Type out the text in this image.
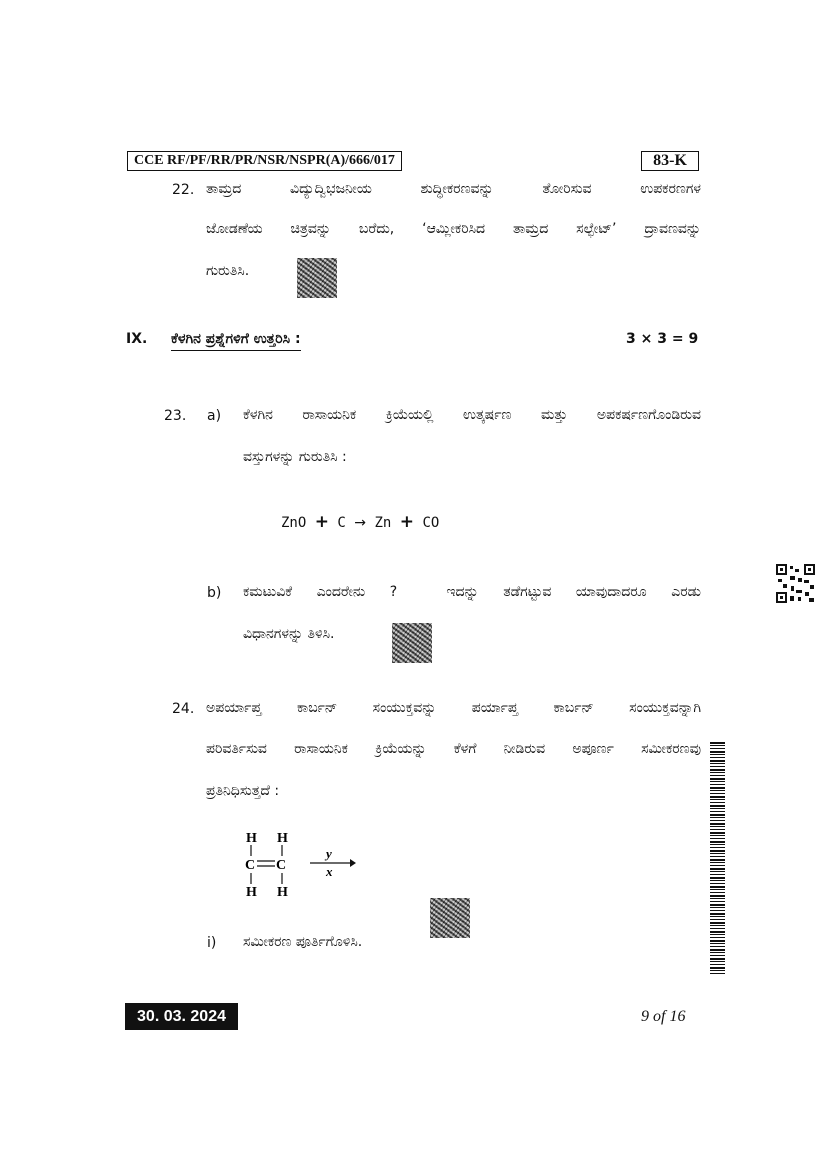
CCE RF/PF/RR/PR/NSR/NSPR(A)/666/017	83-K
22. ತಾಮ್ರದ ವಿದ್ಯುದ್ವಿಭಜನೀಯ ಶುದ್ಧೀಕರಣವನ್ನು ತೋರಿಸುವ ಉಪಕರಣಗಳ
ಜೋಡಣೆಯ ಚಿತ್ರವನ್ನು ಬರೆದು, ‘ಆಮ್ಲೀಕರಿಸಿದ ತಾಮ್ರದ ಸಲ್ಫೇಟ್’ ದ್ರಾವಣವನ್ನು
ಗುರುತಿಸಿ.
IX. ಕೆಳಗಿನ ಪ್ರಶ್ನೆಗಳಿಗೆ ಉತ್ತರಿಸಿ :	3 × 3 = 9
23. a) ಕೆಳಗಿನ ರಾಸಾಯನಿಕ ಕ್ರಿಯೆಯಲ್ಲಿ ಉತ್ಕರ್ಷಣ ಮತ್ತು ಅಪಕರ್ಷಣಗೊಂಡಿರುವ
ವಸ್ತುಗಳನ್ನು ಗುರುತಿಸಿ :
ZnO + C → Zn + CO
b) ಕಮಟುವಿಕೆ ಎಂದರೇನು ?  ಇದನ್ನು ತಡೆಗಟ್ಟುವ ಯಾವುದಾದರೂ ಎರಡು
ವಿಧಾನಗಳನ್ನು ತಿಳಿಸಿ.
24. ಅಪರ್ಯಾಪ್ತ ಕಾರ್ಬನ್ ಸಂಯುಕ್ತವನ್ನು ಪರ್ಯಾಪ್ತ ಕಾರ್ಬನ್ ಸಂಯುಕ್ತವನ್ನಾಗಿ
ಪರಿವರ್ತಿಸುವ ರಾಸಾಯನಿಕ ಕ್ರಿಯೆಯನ್ನು ಕೆಳಗೆ ನೀಡಿರುವ ಅಪೂರ್ಣ ಸಮೀಕರಣವು
ಪ್ರತಿನಿಧಿಸುತ್ತದೆ :
H H
C C
H H
y
x
i) ಸಮೀಕರಣ ಪೂರ್ತಿಗೊಳಿಸಿ.
30. 03. 2024	9 of 16
